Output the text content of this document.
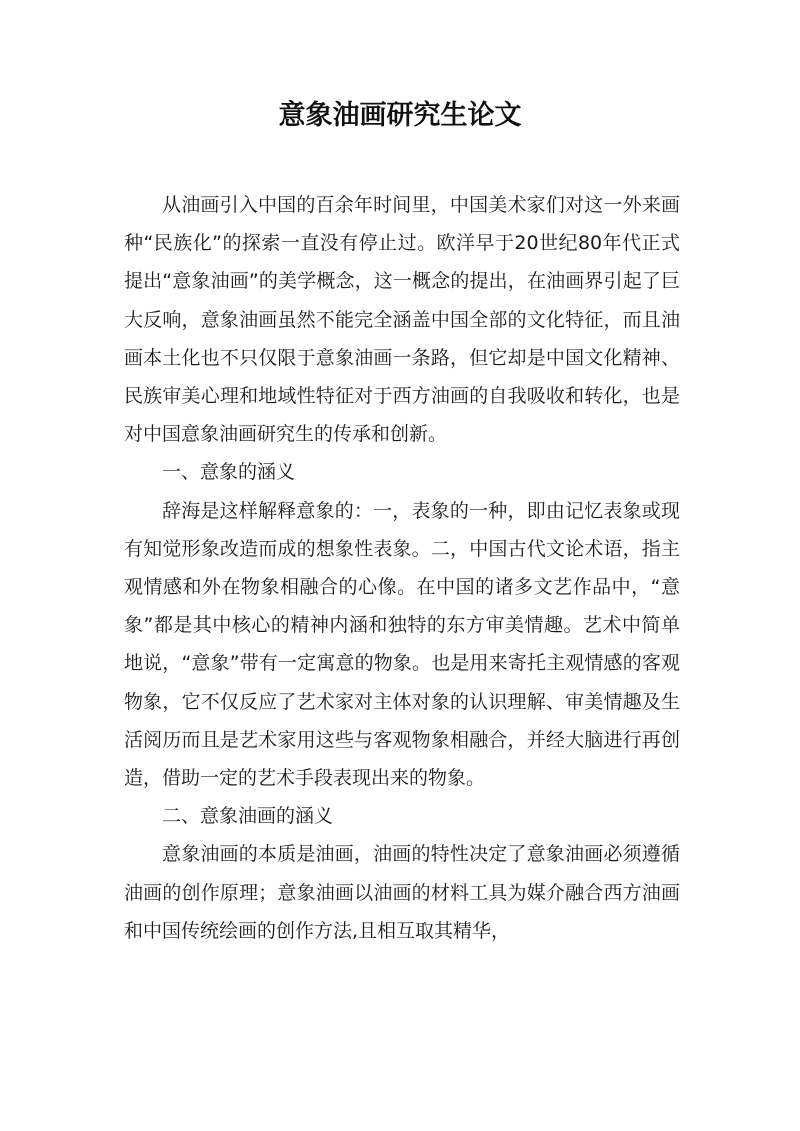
意象油画研究生论文

从油画引入中国的百余年时间里，中国美术家们对这一外来画种“民族化”的探索一直没有停止过。欧洋早于20世纪80年代正式提出“意象油画”的美学概念，这一概念的提出，在油画界引起了巨大反响，意象油画虽然不能完全涵盖中国全部的文化特征，而且油画本土化也不只仅限于意象油画一条路，但它却是中国文化精神、民族审美心理和地域性特征对于西方油画的自我吸收和转化，也是对中国意象油画研究生的传承和创新。

一、意象的涵义

辞海是这样解释意象的：一，表象的一种，即由记忆表象或现有知觉形象改造而成的想象性表象。二，中国古代文论术语，指主观情感和外在物象相融合的心像。在中国的诸多文艺作品中，“意象”都是其中核心的精神内涵和独特的东方审美情趣。艺术中简单地说，“意象”带有一定寓意的物象。也是用来寄托主观情感的客观物象，它不仅反应了艺术家对主体对象的认识理解、审美情趣及生活阅历而且是艺术家用这些与客观物象相融合，并经大脑进行再创造，借助一定的艺术手段表现出来的物象。

二、意象油画的涵义

意象油画的本质是油画，油画的特性决定了意象油画必须遵循油画的创作原理；意象油画以油画的材料工具为媒介融合西方油画和中国传统绘画的创作方法,且相互取其精华，
